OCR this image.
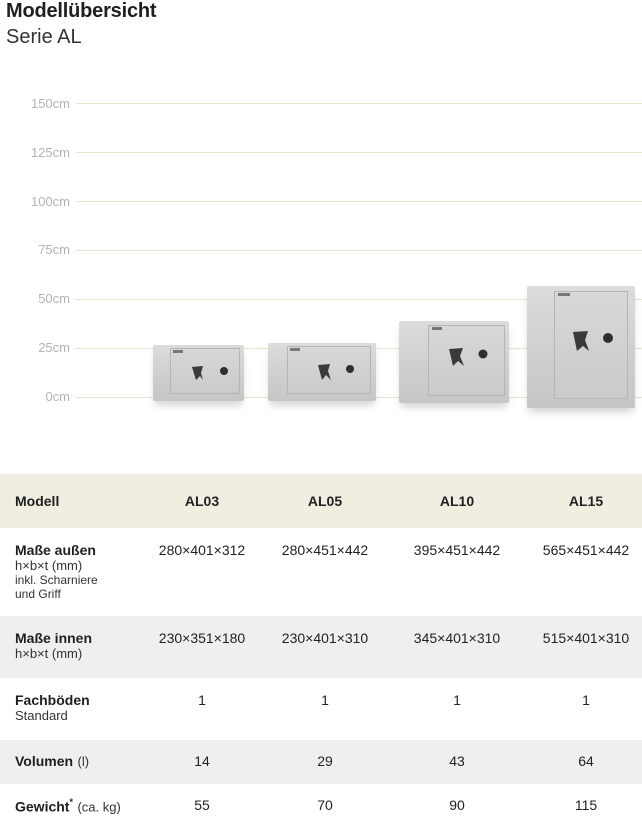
Modellübersicht
Serie AL
150cm
125cm
100cm
75cm
50cm
25cm
0cm
Modell	AL03	AL05	AL10	AL15
Maße außen
h×b×t (mm)
inkl. Scharniere
und Griff
280×401×312	280×451×442	395×451×442	565×451×442
Maße innen
h×b×t (mm)
230×351×180	230×401×310	345×401×310	515×401×310
Fachböden
Standard
1	1	1	1
Volumen (l)	14	29	43	64
Gewicht* (ca. kg)	55	70	90	115
